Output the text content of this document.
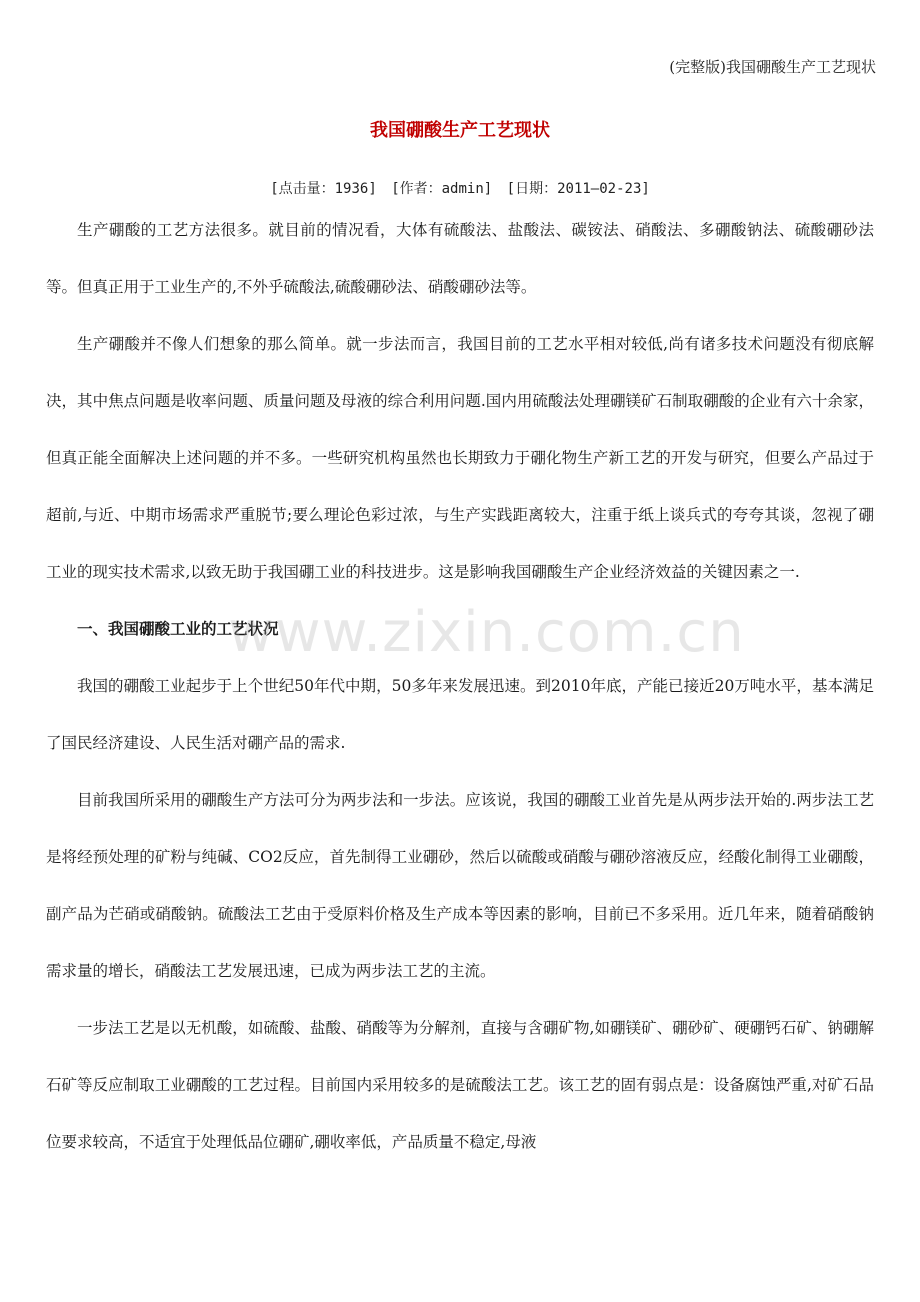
(完整版)我国硼酸生产工艺现状
我国硼酸生产工艺现状
[点击量：1936] [作者：admin] [日期：2011—02-23]

生产硼酸的工艺方法很多。就目前的情况看，大体有硫酸法、盐酸法、碳铵法、硝酸法、多硼酸钠法、硫酸硼砂法等。但真正用于工业生产的,不外乎硫酸法,硫酸硼砂法、硝酸硼砂法等。

生产硼酸并不像人们想象的那么简单。就一步法而言，我国目前的工艺水平相对较低,尚有诸多技术问题没有彻底解决，其中焦点问题是收率问题、质量问题及母液的综合利用问题.国内用硫酸法处理硼镁矿石制取硼酸的企业有六十余家，但真正能全面解决上述问题的并不多。一些研究机构虽然也长期致力于硼化物生产新工艺的开发与研究，但要么产品过于超前,与近、中期市场需求严重脱节;要么理论色彩过浓，与生产实践距离较大，注重于纸上谈兵式的夸夸其谈，忽视了硼工业的现实技术需求,以致无助于我国硼工业的科技进步。这是影响我国硼酸生产企业经济效益的关键因素之一.

一、我国硼酸工业的工艺状况

我国的硼酸工业起步于上个世纪50年代中期，50多年来发展迅速。到2010年底，产能已接近20万吨水平，基本满足了国民经济建设、人民生活对硼产品的需求.

目前我国所采用的硼酸生产方法可分为两步法和一步法。应该说，我国的硼酸工业首先是从两步法开始的.两步法工艺是将经预处理的矿粉与纯碱、CO2反应，首先制得工业硼砂，然后以硫酸或硝酸与硼砂溶液反应，经酸化制得工业硼酸，副产品为芒硝或硝酸钠。硫酸法工艺由于受原料价格及生产成本等因素的影响，目前已不多采用。近几年来，随着硝酸钠需求量的增长，硝酸法工艺发展迅速，已成为两步法工艺的主流。

一步法工艺是以无机酸，如硫酸、盐酸、硝酸等为分解剂，直接与含硼矿物,如硼镁矿、硼砂矿、硬硼钙石矿、钠硼解石矿等反应制取工业硼酸的工艺过程。目前国内采用较多的是硫酸法工艺。该工艺的固有弱点是：设备腐蚀严重,对矿石品位要求较高，不适宜于处理低品位硼矿,硼收率低，产品质量不稳定,母液

www.zixin.com.cn
